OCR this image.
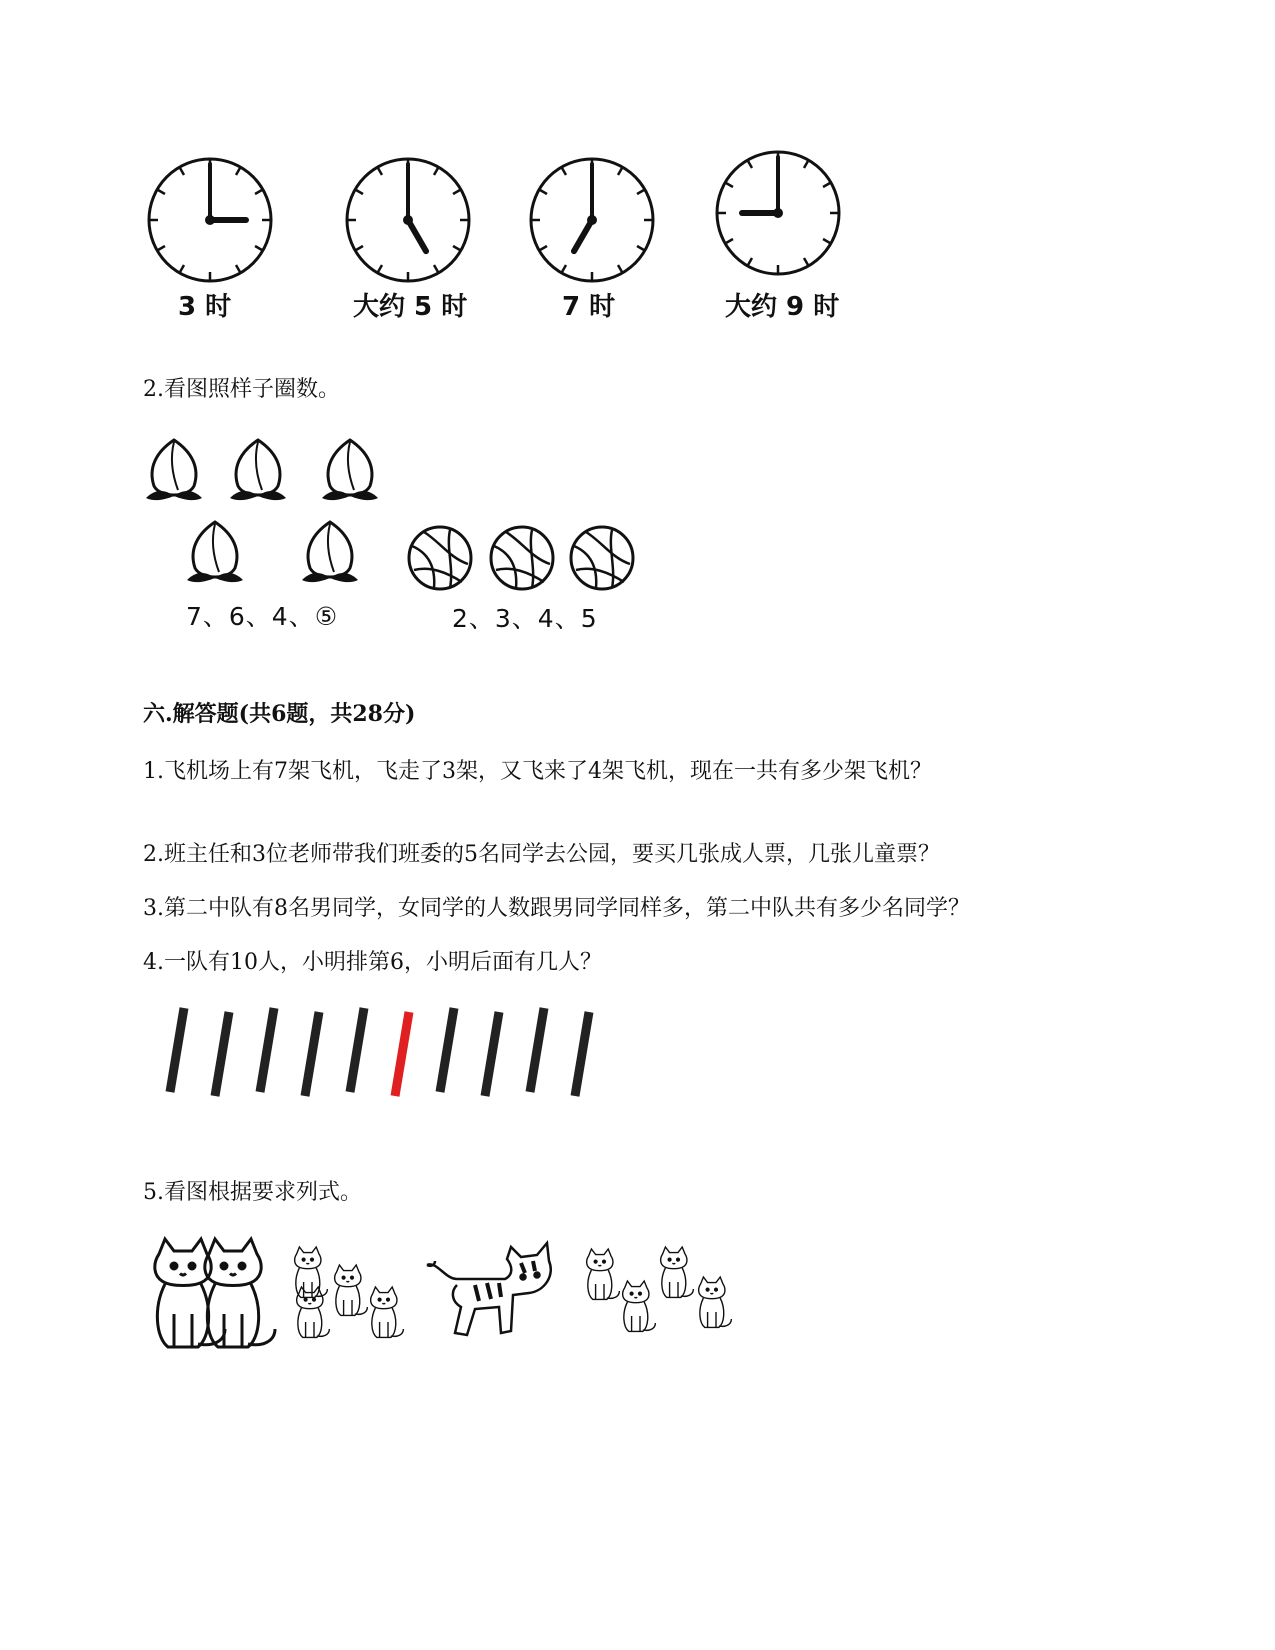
3 时	大约 5 时	7 时	大约 9 时
2.看图照样子圈数。
7、6、4、⑤	2、3、4、5
六.解答题(共6题，共28分)
1.飞机场上有7架飞机，飞走了3架，又飞来了4架飞机，现在一共有多少架飞机？
2.班主任和3位老师带我们班委的5名同学去公园，要买几张成人票，几张儿童票？
3.第二中队有8名男同学，女同学的人数跟男同学同样多，第二中队共有多少名同学？
4.一队有10人，小明排第6，小明后面有几人？
5.看图根据要求列式。
